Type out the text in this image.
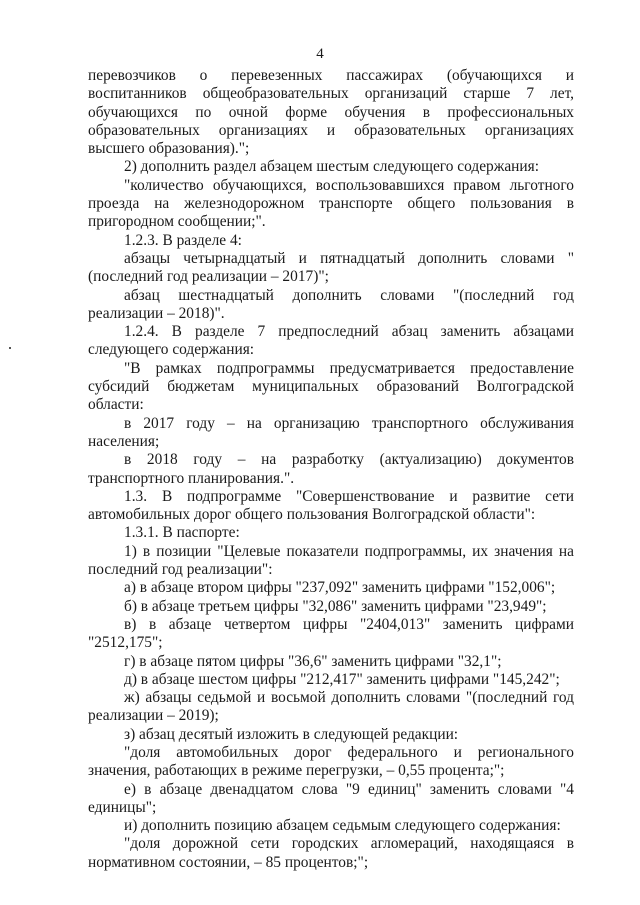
4

перевозчиков о перевезенных пассажирах (обучающихся и воспитанников общеобразовательных организаций старше 7 лет, обучающихся по очной форме обучения в профессиональных образовательных организациях и образовательных организациях высшего образования).";

2) дополнить раздел абзацем шестым следующего содержания:

"количество обучающихся, воспользовавшихся правом льготного проезда на железнодорожном транспорте общего пользования в пригородном сообщении;".

1.2.3. В разделе 4:

абзацы четырнадцатый и пятнадцатый дополнить словами "(последний год реализации – 2017)";

абзац шестнадцатый дополнить словами "(последний год реализации – 2018)".

1.2.4. В разделе 7 предпоследний абзац заменить абзацами следующего содержания:

"В рамках подпрограммы предусматривается предоставление субсидий бюджетам муниципальных образований Волгоградской области:

в 2017 году – на организацию транспортного обслуживания населения;

в 2018 году – на разработку (актуализацию) документов транспортного планирования.".

1.3. В подпрограмме "Совершенствование и развитие сети автомобильных дорог общего пользования Волгоградской области":

1.3.1. В паспорте:

1) в позиции "Целевые показатели подпрограммы, их значения на последний год реализации":

а) в абзаце втором цифры "237,092" заменить цифрами "152,006";

б) в абзаце третьем цифры "32,086" заменить цифрами "23,949";

в) в абзаце четвертом цифры "2404,013" заменить цифрами "2512,175";

г) в абзаце пятом цифры "36,6" заменить цифрами "32,1";

д) в абзаце шестом цифры "212,417" заменить цифрами "145,242";

ж) абзацы седьмой и восьмой дополнить словами "(последний год реализации – 2019);

з) абзац десятый изложить в следующей редакции:

"доля автомобильных дорог федерального и регионального значения, работающих в режиме перегрузки, – 0,55 процента;";

е) в абзаце двенадцатом слова "9 единиц" заменить словами "4 единицы";

и) дополнить позицию абзацем седьмым следующего содержания:

"доля дорожной сети городских агломераций, находящаяся в нормативном состоянии, – 85 процентов;";
